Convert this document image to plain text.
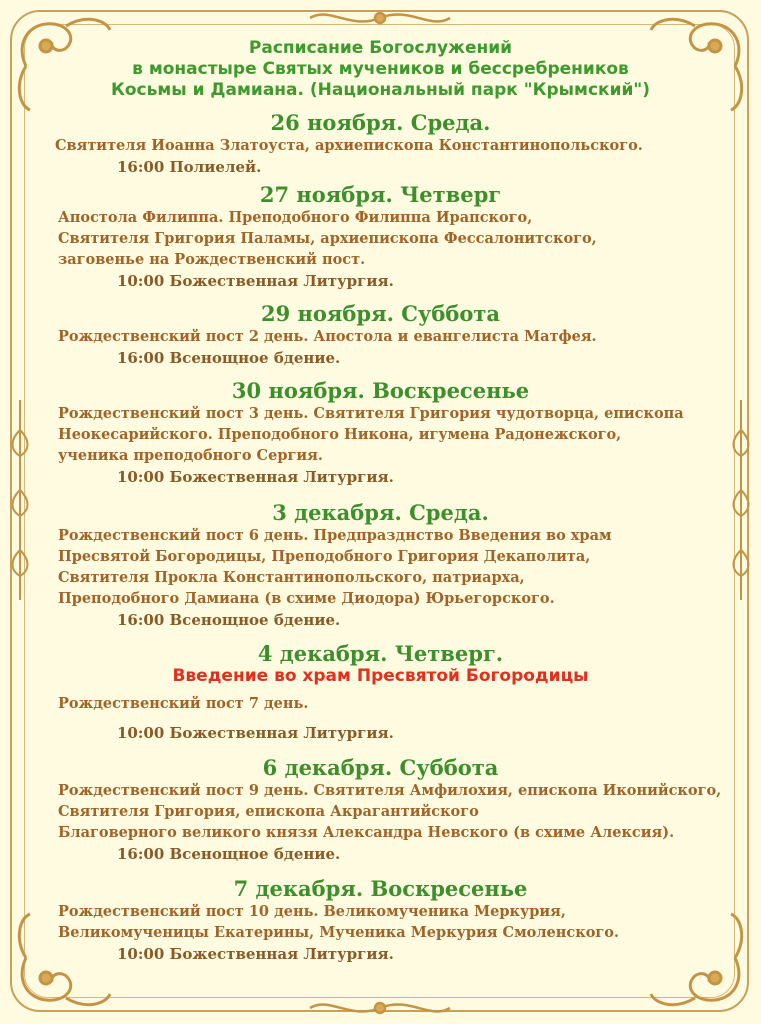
Расписание Богослужений
в монастыре Святых мучеников и бессребреников
Косьмы и Дамиана. (Национальный парк "Крымский")
26 ноября. Среда.
Святителя Иоанна Златоуста, архиепископа Константинопольского.
16:00 Полиелей.
27 ноября. Четверг
Апостола Филиппа. Преподобного Филиппа Ирапского,
Святителя Григория Паламы, архиепископа Фессалонитского,
заговенье на Рождественский пост.
10:00 Божественная Литургия.
29 ноября. Суббота
Рождественский пост 2 день. Апостола и евангелиста Матфея.
16:00 Всенощное бдение.
30 ноября. Воскресенье
Рождественский пост 3 день. Святителя Григория чудотворца, епископа
Неокесарийского. Преподобного Никона, игумена Радонежского,
ученика преподобного Сергия.
10:00 Божественная Литургия.
3 декабря. Среда.
Рождественский пост 6 день. Предпразднство Введения во храм
Пресвятой Богородицы, Преподобного Григория Декаполита,
Святителя Прокла Константинопольского, патриарха,
Преподобного Дамиана (в схиме Диодора) Юрьегорского.
16:00 Всенощное бдение.
4 декабря. Четверг.
Введение во храм Пресвятой Богородицы
Рождественский пост 7 день.
10:00 Божественная Литургия.
6 декабря. Суббота
Рождественский пост 9 день. Святителя Амфилохия, епископа Иконийского,
Святителя Григория, епископа Акрагантийского
Благоверного великого князя Александра Невского (в схиме Алексия).
16:00 Всенощное бдение.
7 декабря. Воскресенье
Рождественский пост 10 день. Великомученика Меркурия,
Великомученицы Екатерины, Мученика Меркурия Смоленского.
10:00 Божественная Литургия.
